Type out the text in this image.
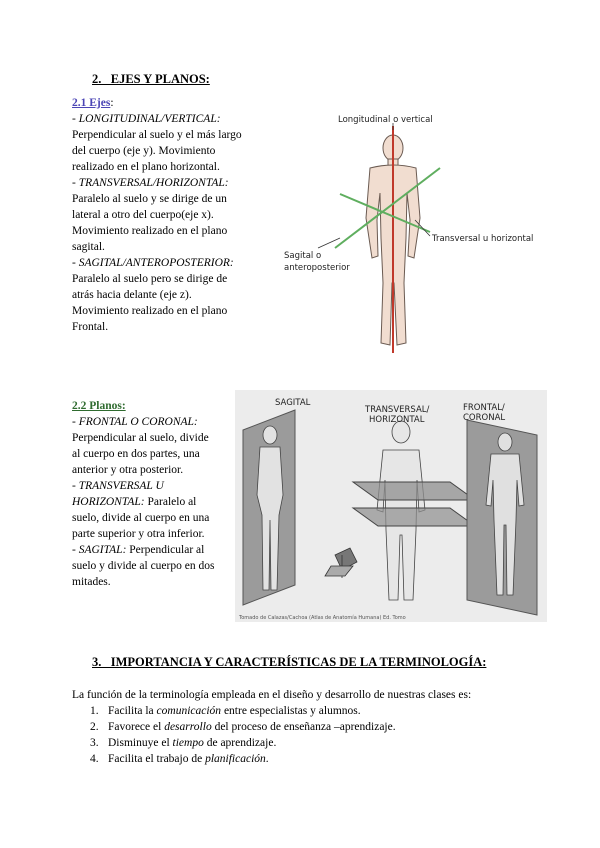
2.   EJES Y PLANOS:

2.1 Ejes:

- LONGITUDINAL/VERTICAL:

Perpendicular al suelo y el más largo

del cuerpo (eje y). Movimiento

realizado en el plano horizontal.

- TRANSVERSAL/HORIZONTAL:

Paralelo al suelo y se dirige de un

lateral a otro del cuerpo(eje x).

Movimiento realizado en el plano

sagital.

- SAGITAL/ANTEROPOSTERIOR:

Paralelo al suelo pero se dirige de

atrás hacia delante (eje z).

Movimiento realizado en el plano

Frontal.

Longitudinal o vertical
Transversal u horizontal
Sagital o
anteroposterior

2.2 Planos:

- FRONTAL O CORONAL:

Perpendicular al suelo, divide

al cuerpo en dos partes, una

anterior y otra posterior.

- TRANSVERSAL U

HORIZONTAL: Paralelo al

suelo, divide al cuerpo en una

parte superior y otra inferior.

- SAGITAL: Perpendicular al

suelo y divide al cuerpo en dos

mitades.

SAGITAL
TRANSVERSAL/
HORIZONTAL
FRONTAL/
CORONAL
Tomado de Calazas/Cachoa (Atlas de Anatomía Humana) Ed. Tomo
3.   IMPORTANCIA Y CARACTERÍSTICAS DE LA TERMINOLOGÍA:
La función de la terminología empleada en el diseño y desarrollo de nuestras clases es:
1. Facilita la comunicación entre especialistas y alumnos.
2. Favorece el desarrollo del proceso de enseñanza –aprendizaje.
3. Disminuye el tiempo de aprendizaje.
4. Facilita el trabajo de planificación.
